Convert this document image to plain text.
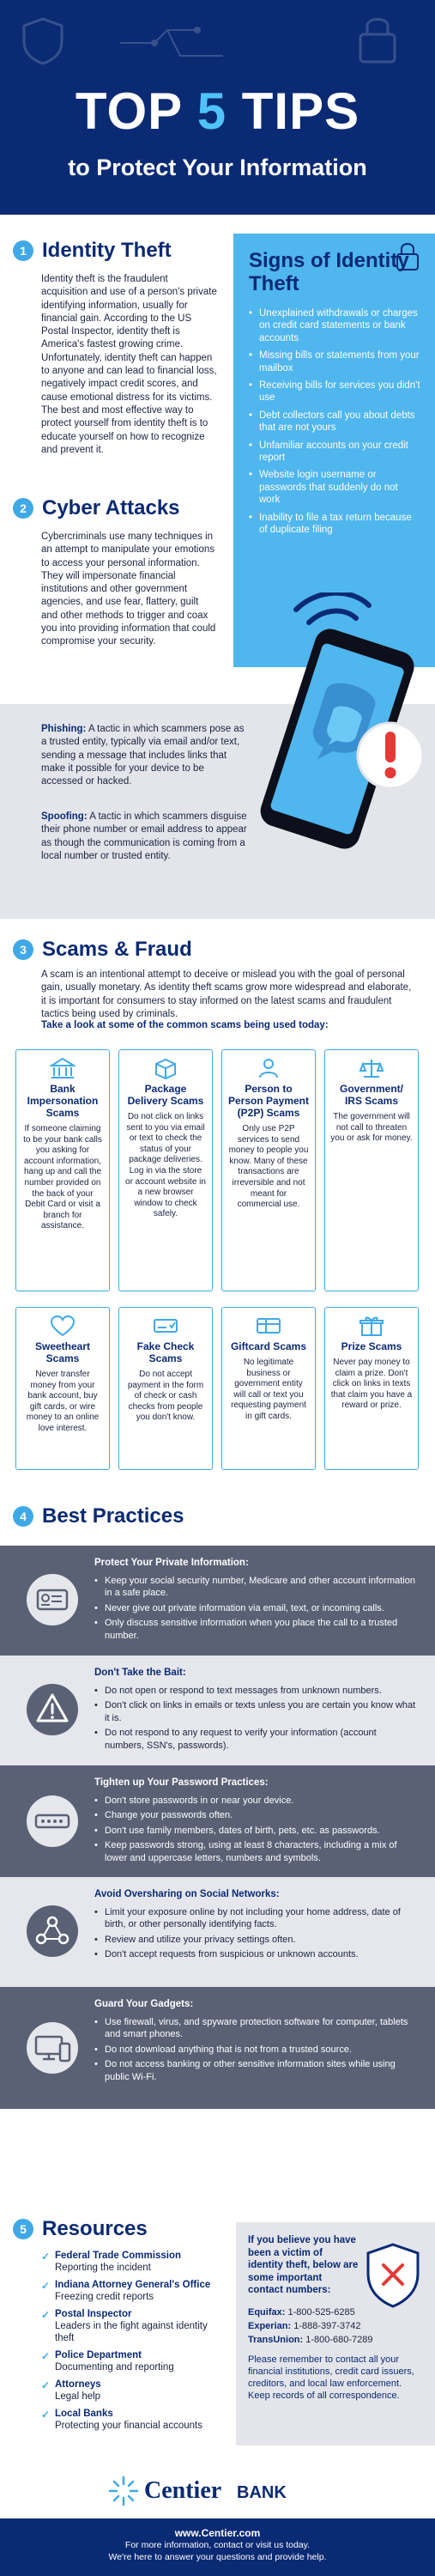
TOP 5 TIPS
to Protect Your Information
1 Identity Theft
Identity theft is the fraudulent acquisition and use of a person's private identifying information, usually for financial gain. According to the US Postal Inspector, identity theft is America's fastest growing crime. Unfortunately, identity theft can happen to anyone and can lead to financial loss, negatively impact credit scores, and cause emotional distress for its victims. The best and most effective way to protect yourself from identity theft is to educate yourself on how to recognize and prevent it.
Signs of Identity Theft
• Unexplained withdrawals or charges on credit card statements or bank accounts
• Missing bills or statements from your mailbox
• Receiving bills for services you didn't use
• Debt collectors call you about debts that are not yours
• Unfamiliar accounts on your credit report
• Website login username or passwords that suddenly do not work
• Inability to file a tax return because of duplicate filing
2 Cyber Attacks
Cybercriminals use many techniques in an attempt to manipulate your emotions to access your personal information. They will impersonate financial institutions and other government agencies, and use fear, flattery, guilt and other methods to trigger and coax you into providing information that could compromise your security.
Phishing: A tactic in which scammers pose as a trusted entity, typically via email and/or text, sending a message that includes links that make it possible for your device to be accessed or hacked.
Spoofing: A tactic in which scammers disguise their phone number or email address to appear as though the communication is coming from a local number or trusted entity.
3 Scams & Fraud
A scam is an intentional attempt to deceive or mislead you with the goal of personal gain, usually monetary. As identity theft scams grow more widespread and elaborate, it is important for consumers to stay informed on the latest scams and fraudulent tactics being used by criminals.
Take a look at some of the common scams being used today:
Bank Impersonation Scams
If someone claiming to be your bank calls you asking for account information, hang up and call the number provided on the back of your Debit Card or visit a branch for assistance.
Package Delivery Scams
Do not click on links sent to you via email or text to check the status of your package deliveries. Log in via the store or account website in a new browser window to check safely.
Person to Person Payment (P2P) Scams
Only use P2P services to send money to people you know. Many of these transactions are irreversible and not meant for commercial use.
Government/ IRS Scams
The government will not call to threaten you or ask for money.
Sweetheart Scams
Never transfer money from your bank account, buy gift cards, or wire money to an online love interest.
Fake Check Scams
Do not accept payment in the form of check or cash checks from people you don't know.
Giftcard Scams
No legitimate business or government entity will call or text you requesting payment in gift cards.
Prize Scams
Never pay money to claim a prize. Don't click on links in texts that claim you have a reward or prize.
4 Best Practices
Protect Your Private Information:
• Keep your social security number, Medicare and other account information in a safe place.
• Never give out private information via email, text, or incoming calls.
• Only discuss sensitive information when you place the call to a trusted number.
Don't Take the Bait:
• Do not open or respond to text messages from unknown numbers.
• Don't click on links in emails or texts unless you are certain you know what it is.
• Do not respond to any request to verify your information (account numbers, SSN's, passwords).
Tighten up Your Password Practices:
• Don't store passwords in or near your device.
• Change your passwords often.
• Don't use family members, dates of birth, pets, etc. as passwords.
• Keep passwords strong, using at least 8 characters, including a mix of lower and uppercase letters, numbers and symbols.
Avoid Oversharing on Social Networks:
• Limit your exposure online by not including your home address, date of birth, or other personally identifying facts.
• Review and utilize your privacy settings often.
• Don't accept requests from suspicious or unknown accounts.
Guard Your Gadgets:
• Use firewall, virus, and spyware protection software for computer, tablets and smart phones.
• Do not download anything that is not from a trusted source.
• Do not access banking or other sensitive information sites while using public Wi-Fi.
5 Resources
✓ Federal Trade Commission
Reporting the incident
✓ Indiana Attorney General's Office
Freezing credit reports
✓ Postal Inspector
Leaders in the fight against identity theft
✓ Police Department
Documenting and reporting
✓ Attorneys
Legal help
✓ Local Banks
Protecting your financial accounts
If you believe you have been a victim of identity theft, below are some important contact numbers:
Equifax: 1-800-525-6285
Experian: 1-888-397-3742
TransUnion: 1-800-680-7289
Please remember to contact all your financial institutions, credit card issuers, creditors, and local law enforcement. Keep records of all correspondence.
Centier BANK
www.Centier.com
For more information, contact or visit us today.
We're here to answer your questions and provide help.
